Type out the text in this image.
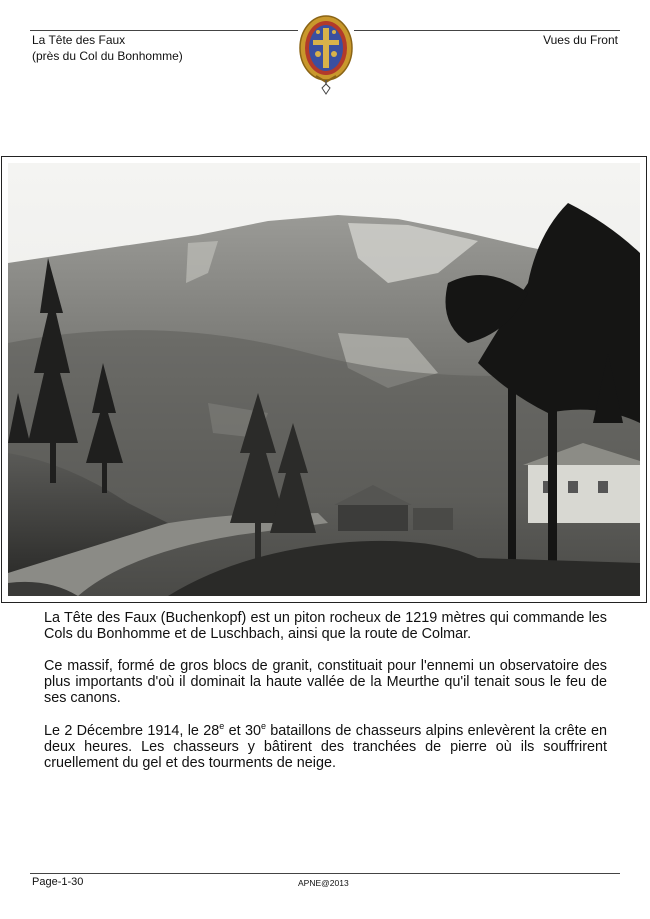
La Tête des Faux
(près du Col du Bonhomme)
Vues du Front
La Tête des Faux (Buchenkopf) est un piton rocheux de 1219 mètres qui commande les Cols du Bonhomme et de Luschbach, ainsi que la route de Colmar.
Ce massif, formé de gros blocs de granit, constituait pour l'ennemi un observatoire des plus importants d'où il dominait la haute vallée de la Meurthe qu'il tenait sous le feu de ses canons.
Le 2 Décembre 1914, le 28e et 30e bataillons de chasseurs alpins enlevèrent la crête en deux heures. Les chasseurs y bâtirent des tranchées de pierre où ils souffrirent cruellement du gel et des tourments de neige.
Page-1-30	APNE@2013
